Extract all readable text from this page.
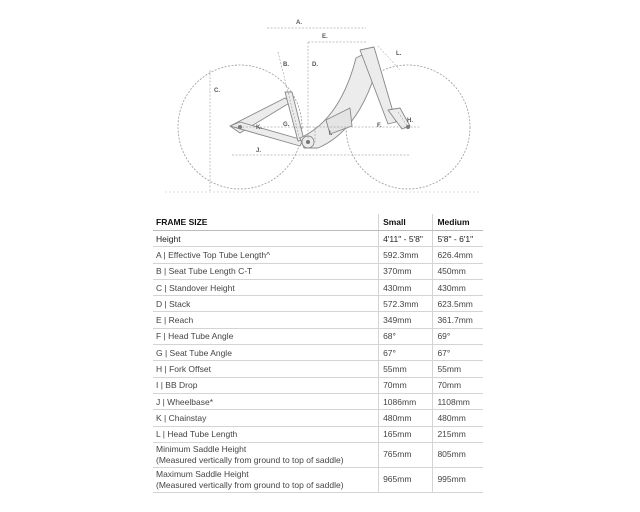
A.
E.
L.
B.	D.
C.
H.
F.
G.
K.
I.
J.
FRAME SIZE	Small	Medium
Height	4'11" - 5'8"	5'8" - 6'1"
A | Effective Top Tube Length^	592.3mm	626.4mm
B | Seat Tube Length C-T	370mm	450mm
C | Standover Height	430mm	430mm
D | Stack	572.3mm	623.5mm
E | Reach	349mm	361.7mm
F | Head Tube Angle	68°	69°
G | Seat Tube Angle	67°	67°
H | Fork Offset	55mm	55mm
I | BB Drop	70mm	70mm
J | Wheelbase*	1086mm	1108mm
K | Chainstay	480mm	480mm
L | Head Tube Length	165mm	215mm
Minimum Saddle Height
(Measured vertically from ground to top of saddle)	765mm	805mm
Maximum Saddle Height
(Measured vertically from ground to top of saddle)	965mm	995mm
